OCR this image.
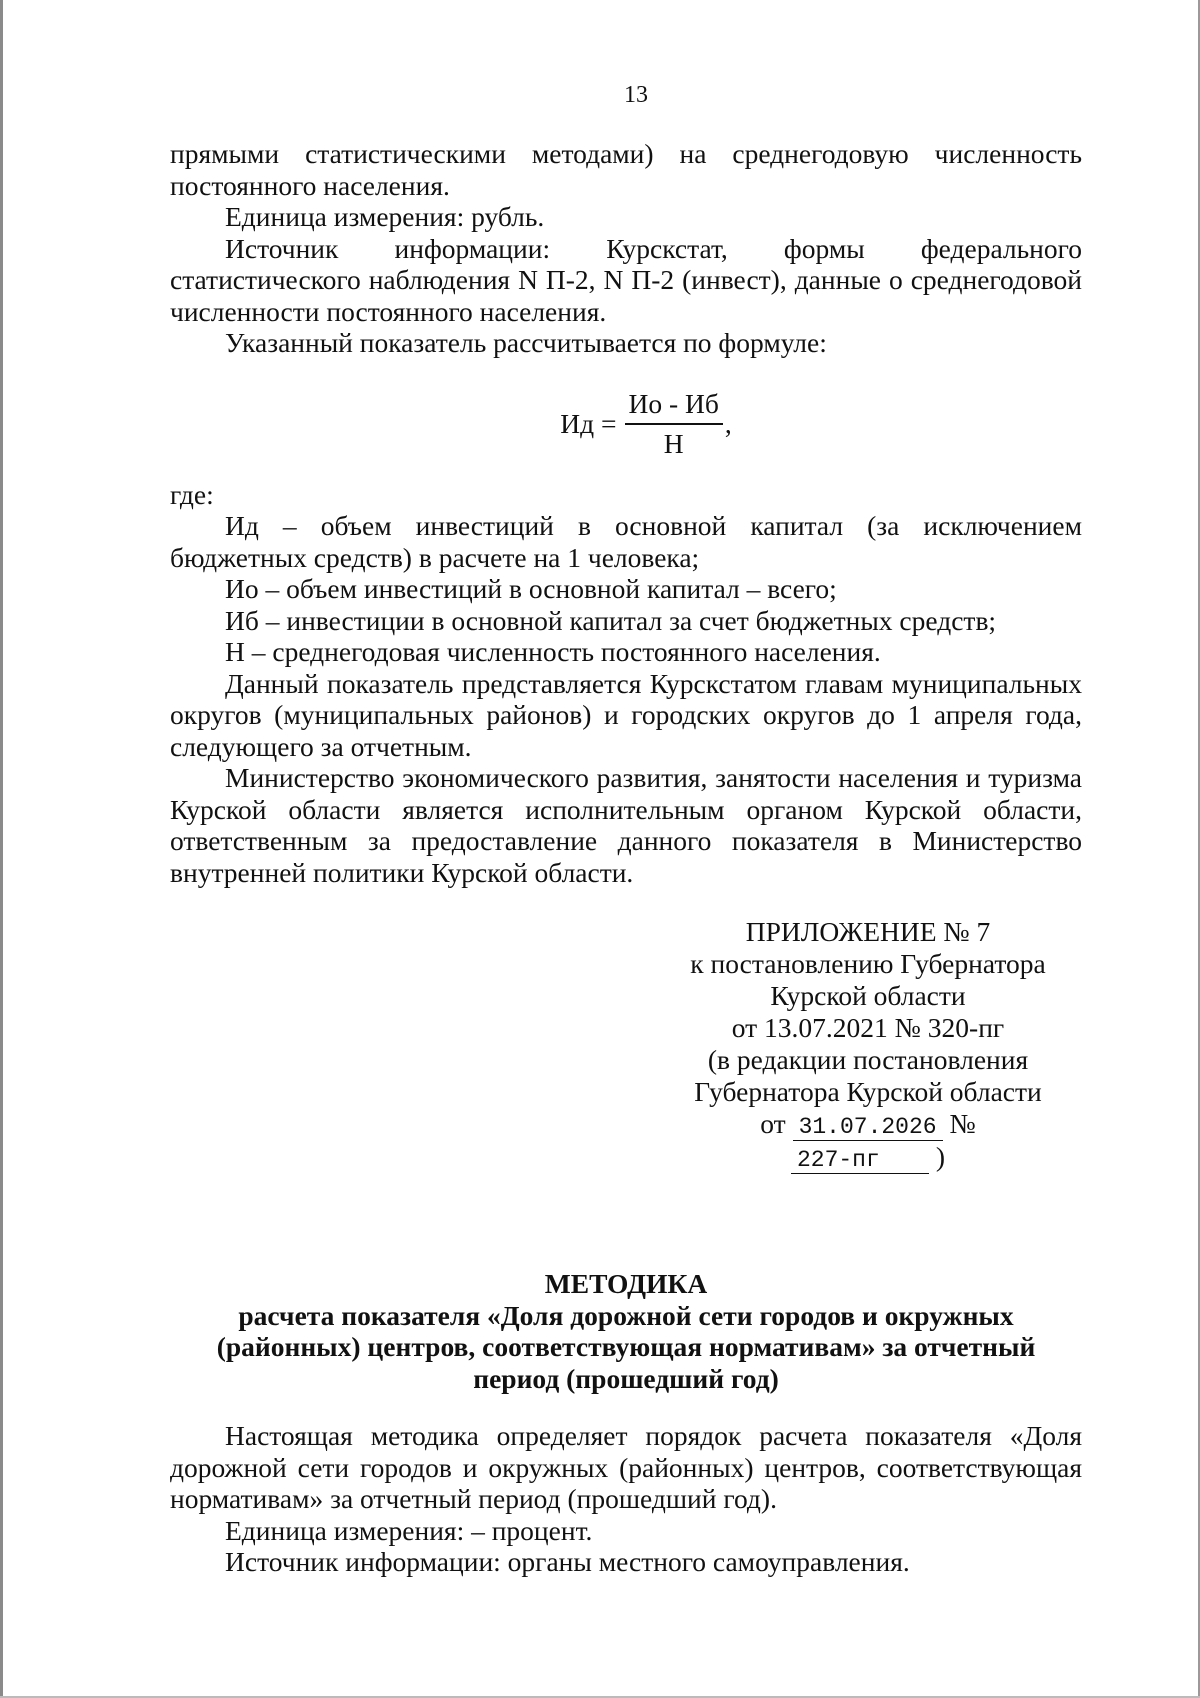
13

прямыми статистическими методами) на среднегодовую численность постоянного населения.

Единица измерения: рубль.

Источник информации: Курскстат, формы федерального статистического наблюдения N П-2, N П-2 (инвест), данные о среднегодовой численности постоянного населения.

Указанный показатель рассчитывается по формуле:

Ид = $\frac{Ио - Иб}{Н}$ ,

где:

Ид – объем инвестиций в основной капитал (за исключением бюджетных средств) в расчете на 1 человека;

Ио – объем инвестиций в основной капитал – всего;

Иб – инвестиции в основной капитал за счет бюджетных средств;

Н – среднегодовая численность постоянного населения.

Данный показатель представляется Курскстатом главам муниципальных округов (муниципальных районов) и городских округов до 1 апреля года, следующего за отчетным.

Министерство экономического развития, занятости населения и туризма Курской области является исполнительным органом Курской области, ответственным за предоставление данного показателя в Министерство внутренней политики Курской области.

ПРИЛОЖЕНИЕ № 7
к постановлению Губернатора
Курской области
от 13.07.2021 № 320-пг
(в редакции постановления
Губернатора Курской области
от 31.07.2026 № 227-пг )
МЕТОДИКА
расчета показателя «Доля дорожной сети городов и окружных (районных) центров, соответствующая нормативам» за отчетный период (прошедший год)

Настоящая методика определяет порядок расчета показателя «Доля дорожной сети городов и окружных (районных) центров, соответствующая нормативам» за отчетный период (прошедший год).

Единица измерения: – процент.

Источник информации: органы местного самоуправления.
